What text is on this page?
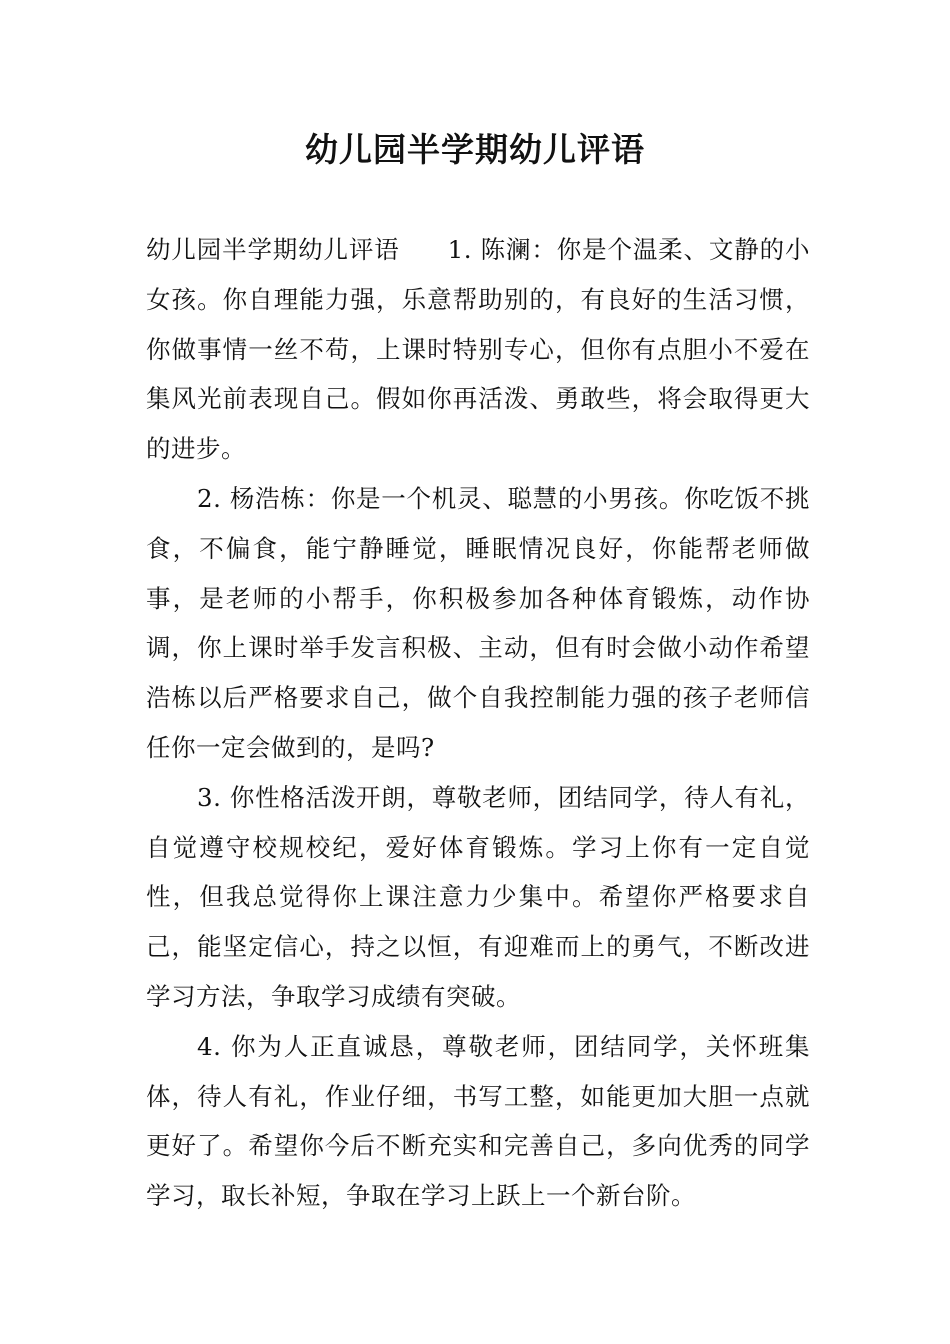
幼儿园半学期幼儿评语

幼儿园半学期幼儿评语 1. 陈澜：你是个温柔、文静的小女孩。你自理能力强，乐意帮助别的，有良好的生活习惯，你做事情一丝不苟，上课时特别专心，但你有点胆小不爱在集风光前表现自己。假如你再活泼、勇敢些，将会取得更大的进步。

2. 杨浩栋：你是一个机灵、聪慧的小男孩。你吃饭不挑食，不偏食，能宁静睡觉，睡眠情况良好，你能帮老师做事，是老师的小帮手，你积极参加各种体育锻炼，动作协调，你上课时举手发言积极、主动，但有时会做小动作希望浩栋以后严格要求自己，做个自我控制能力强的孩子老师信任你一定会做到的，是吗?

3. 你性格活泼开朗，尊敬老师，团结同学，待人有礼，自觉遵守校规校纪，爱好体育锻炼。学习上你有一定自觉性，但我总觉得你上课注意力少集中。希望你严格要求自己，能坚定信心，持之以恒，有迎难而上的勇气，不断改进学习方法，争取学习成绩有突破。

4. 你为人正直诚恳，尊敬老师，团结同学，关怀班集体，待人有礼，作业仔细，书写工整，如能更加大胆一点就更好了。希望你今后不断充实和完善自己，多向优秀的同学学习，取长补短，争取在学习上跃上一个新台阶。
